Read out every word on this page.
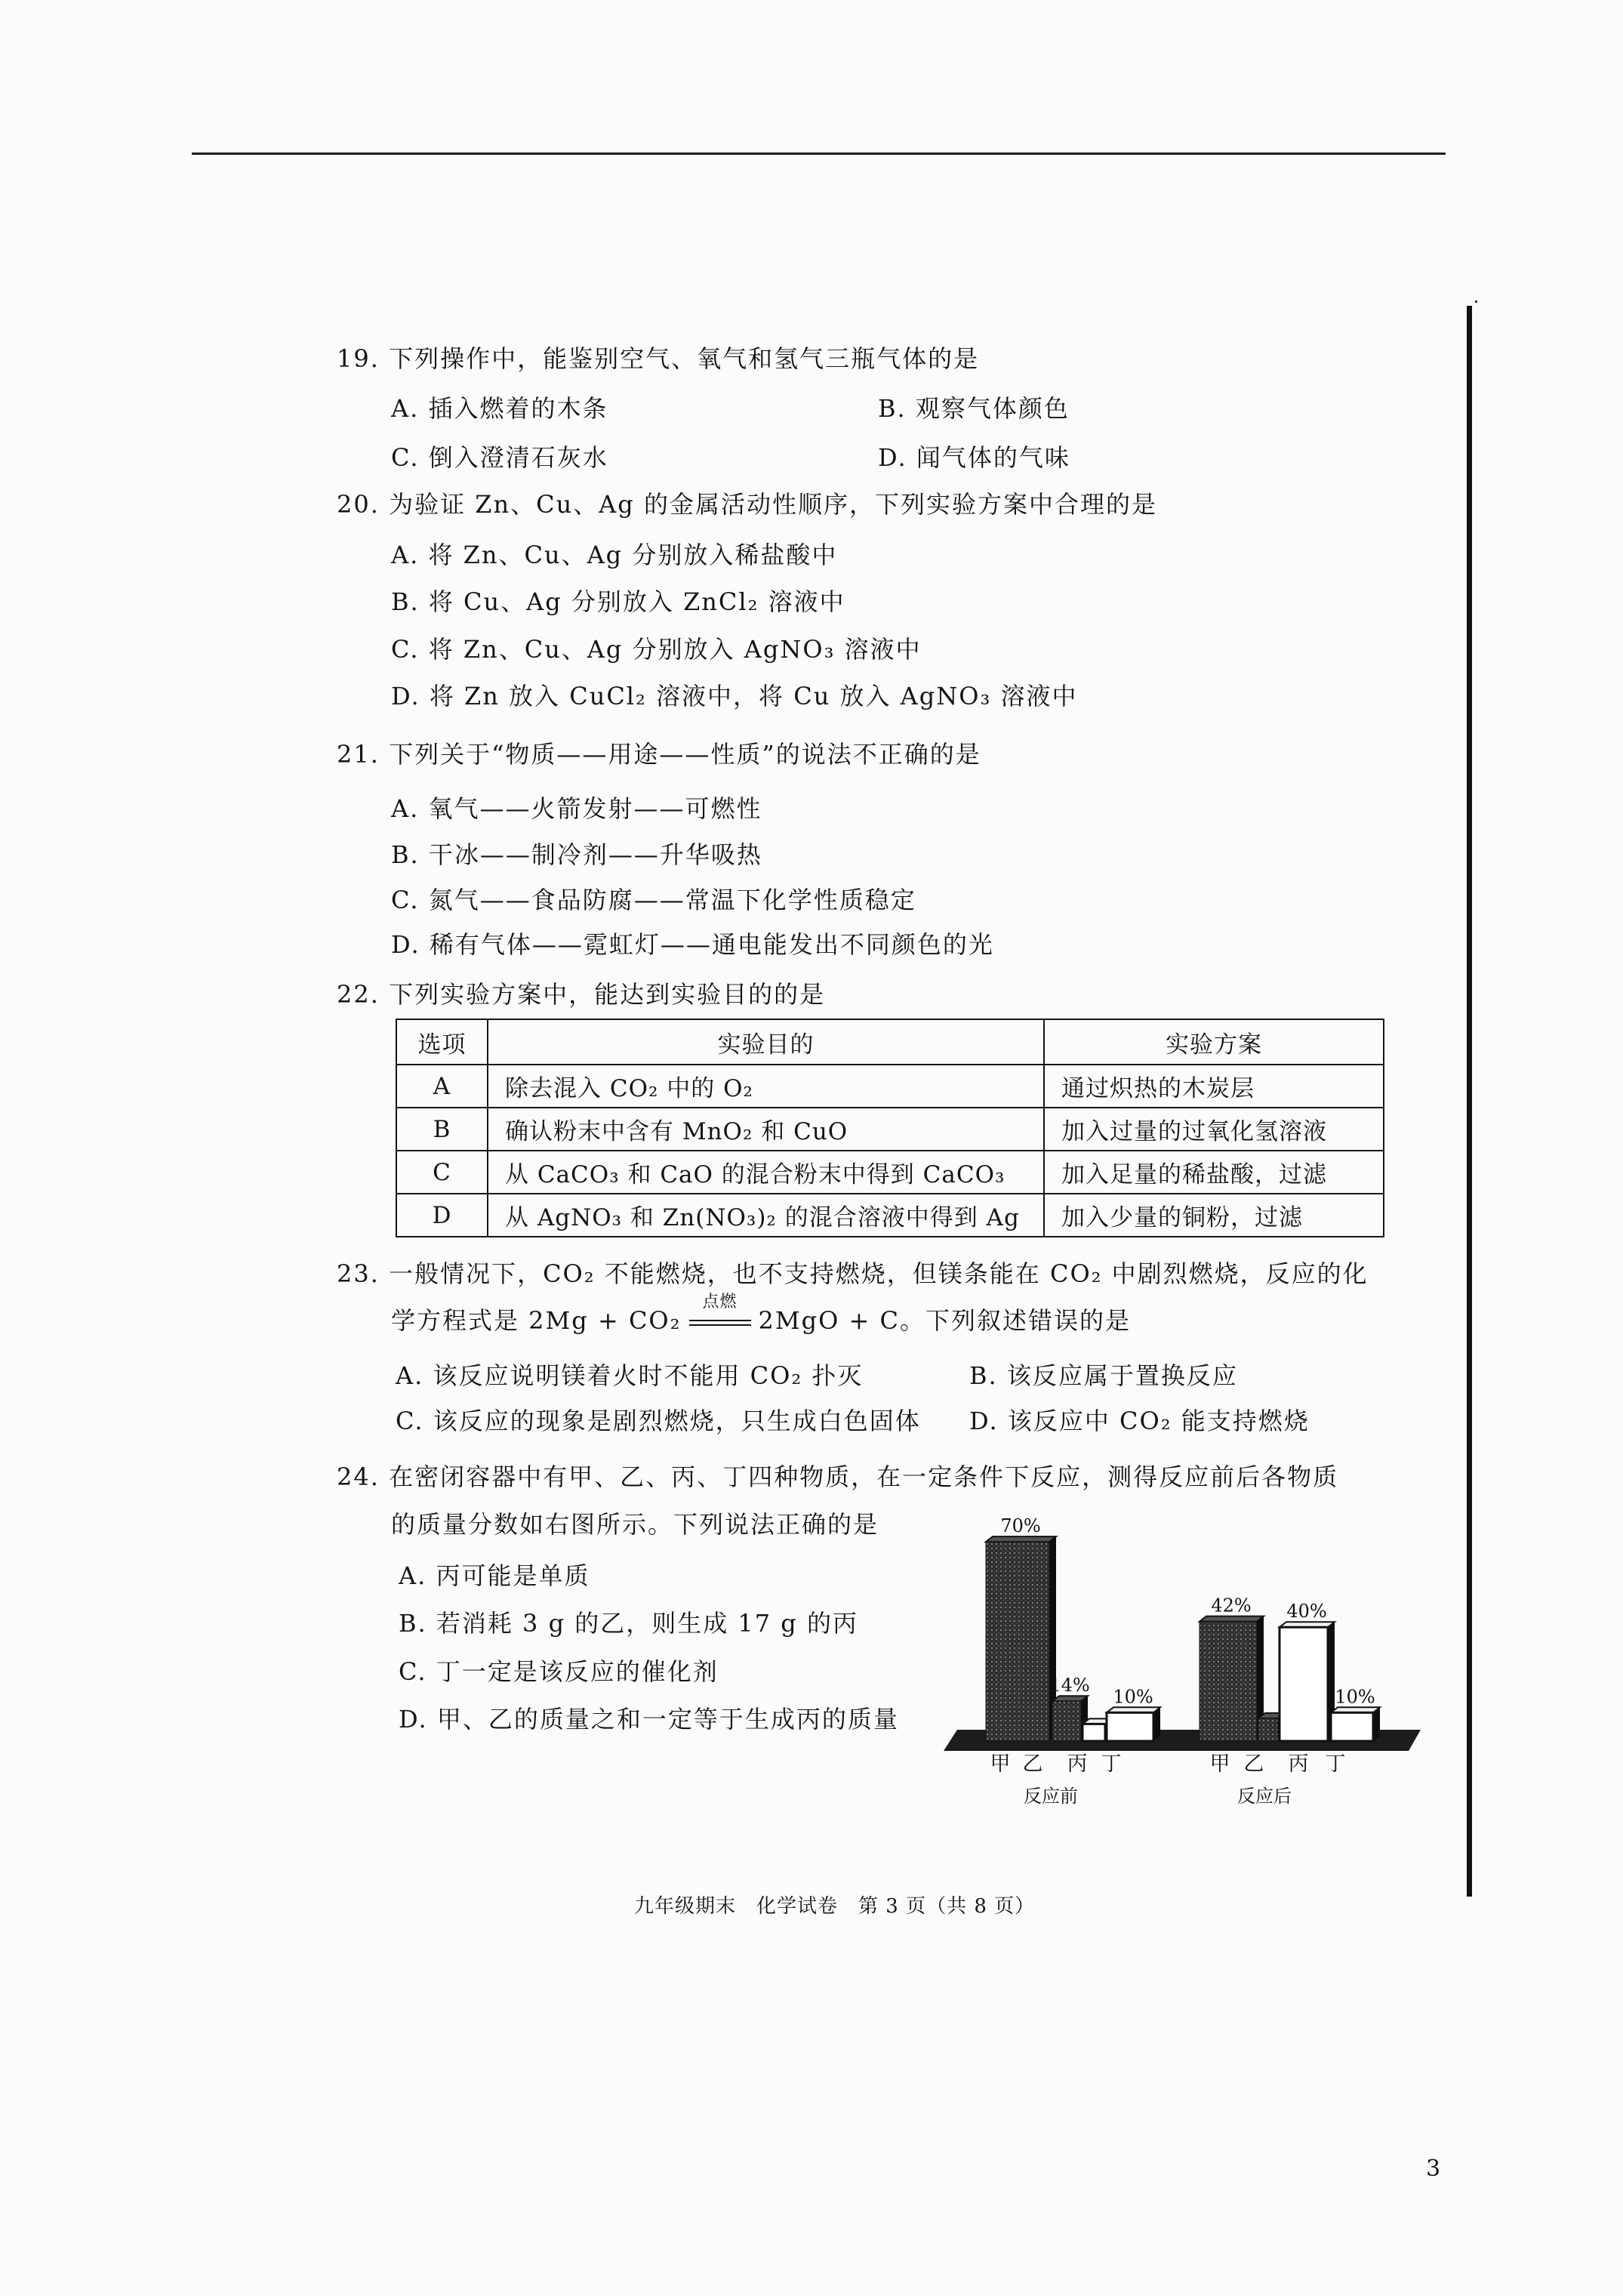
19. 下列操作中，能鉴别空气、氧气和氢气三瓶气体的是
A. 插入燃着的木条	B. 观察气体颜色
C. 倒入澄清石灰水	D. 闻气体的气味
20. 为验证 Zn、Cu、Ag 的金属活动性顺序，下列实验方案中合理的是
A. 将 Zn、Cu、Ag 分别放入稀盐酸中
B. 将 Cu、Ag 分别放入 ZnCl₂ 溶液中
C. 将 Zn、Cu、Ag 分别放入 AgNO₃ 溶液中
D. 将 Zn 放入 CuCl₂ 溶液中，将 Cu 放入 AgNO₃ 溶液中
21. 下列关于“物质——用途——性质”的说法不正确的是
A. 氧气——火箭发射——可燃性
B. 干冰——制冷剂——升华吸热
C. 氮气——食品防腐——常温下化学性质稳定
D. 稀有气体——霓虹灯——通电能发出不同颜色的光
22. 下列实验方案中，能达到实验目的的是
选项	实验目的	实验方案
A	除去混入 CO₂ 中的 O₂	通过炽热的木炭层
B	确认粉末中含有 MnO₂ 和 CuO	加入过量的过氧化氢溶液
C	从 CaCO₃ 和 CaO 的混合粉末中得到 CaCO₃	加入足量的稀盐酸，过滤
D	从 AgNO₃ 和 Zn(NO₃)₂ 的混合溶液中得到 Ag	加入少量的铜粉，过滤
23. 一般情况下，CO₂ 不能燃烧，也不支持燃烧，但镁条能在 CO₂ 中剧烈燃烧，反应的化
学方程式是 2Mg + CO₂
点燃
2MgO + C。下列叙述错误的是
A. 该反应说明镁着火时不能用 CO₂ 扑灭	B. 该反应属于置换反应
C. 该反应的现象是剧烈燃烧，只生成白色固体 D. 该反应中 CO₂ 能支持燃烧
24. 在密闭容器中有甲、乙、丙、丁四种物质，在一定条件下反应，测得反应前后各物质
的质量分数如右图所示。下列说法正确的是
A. 丙可能是单质
B. 若消耗 3 g 的乙，则生成 17 g 的丙
C. 丁一定是该反应的催化剂
D. 甲、乙的质量之和一定等于生成丙的质量
70%
甲
14%
乙 丙
10%
丁
反应前
42%
甲 乙
40%
丙
10%
丁
反应后
九年级期末　化学试卷　第 3 页（共 8 页）
3
